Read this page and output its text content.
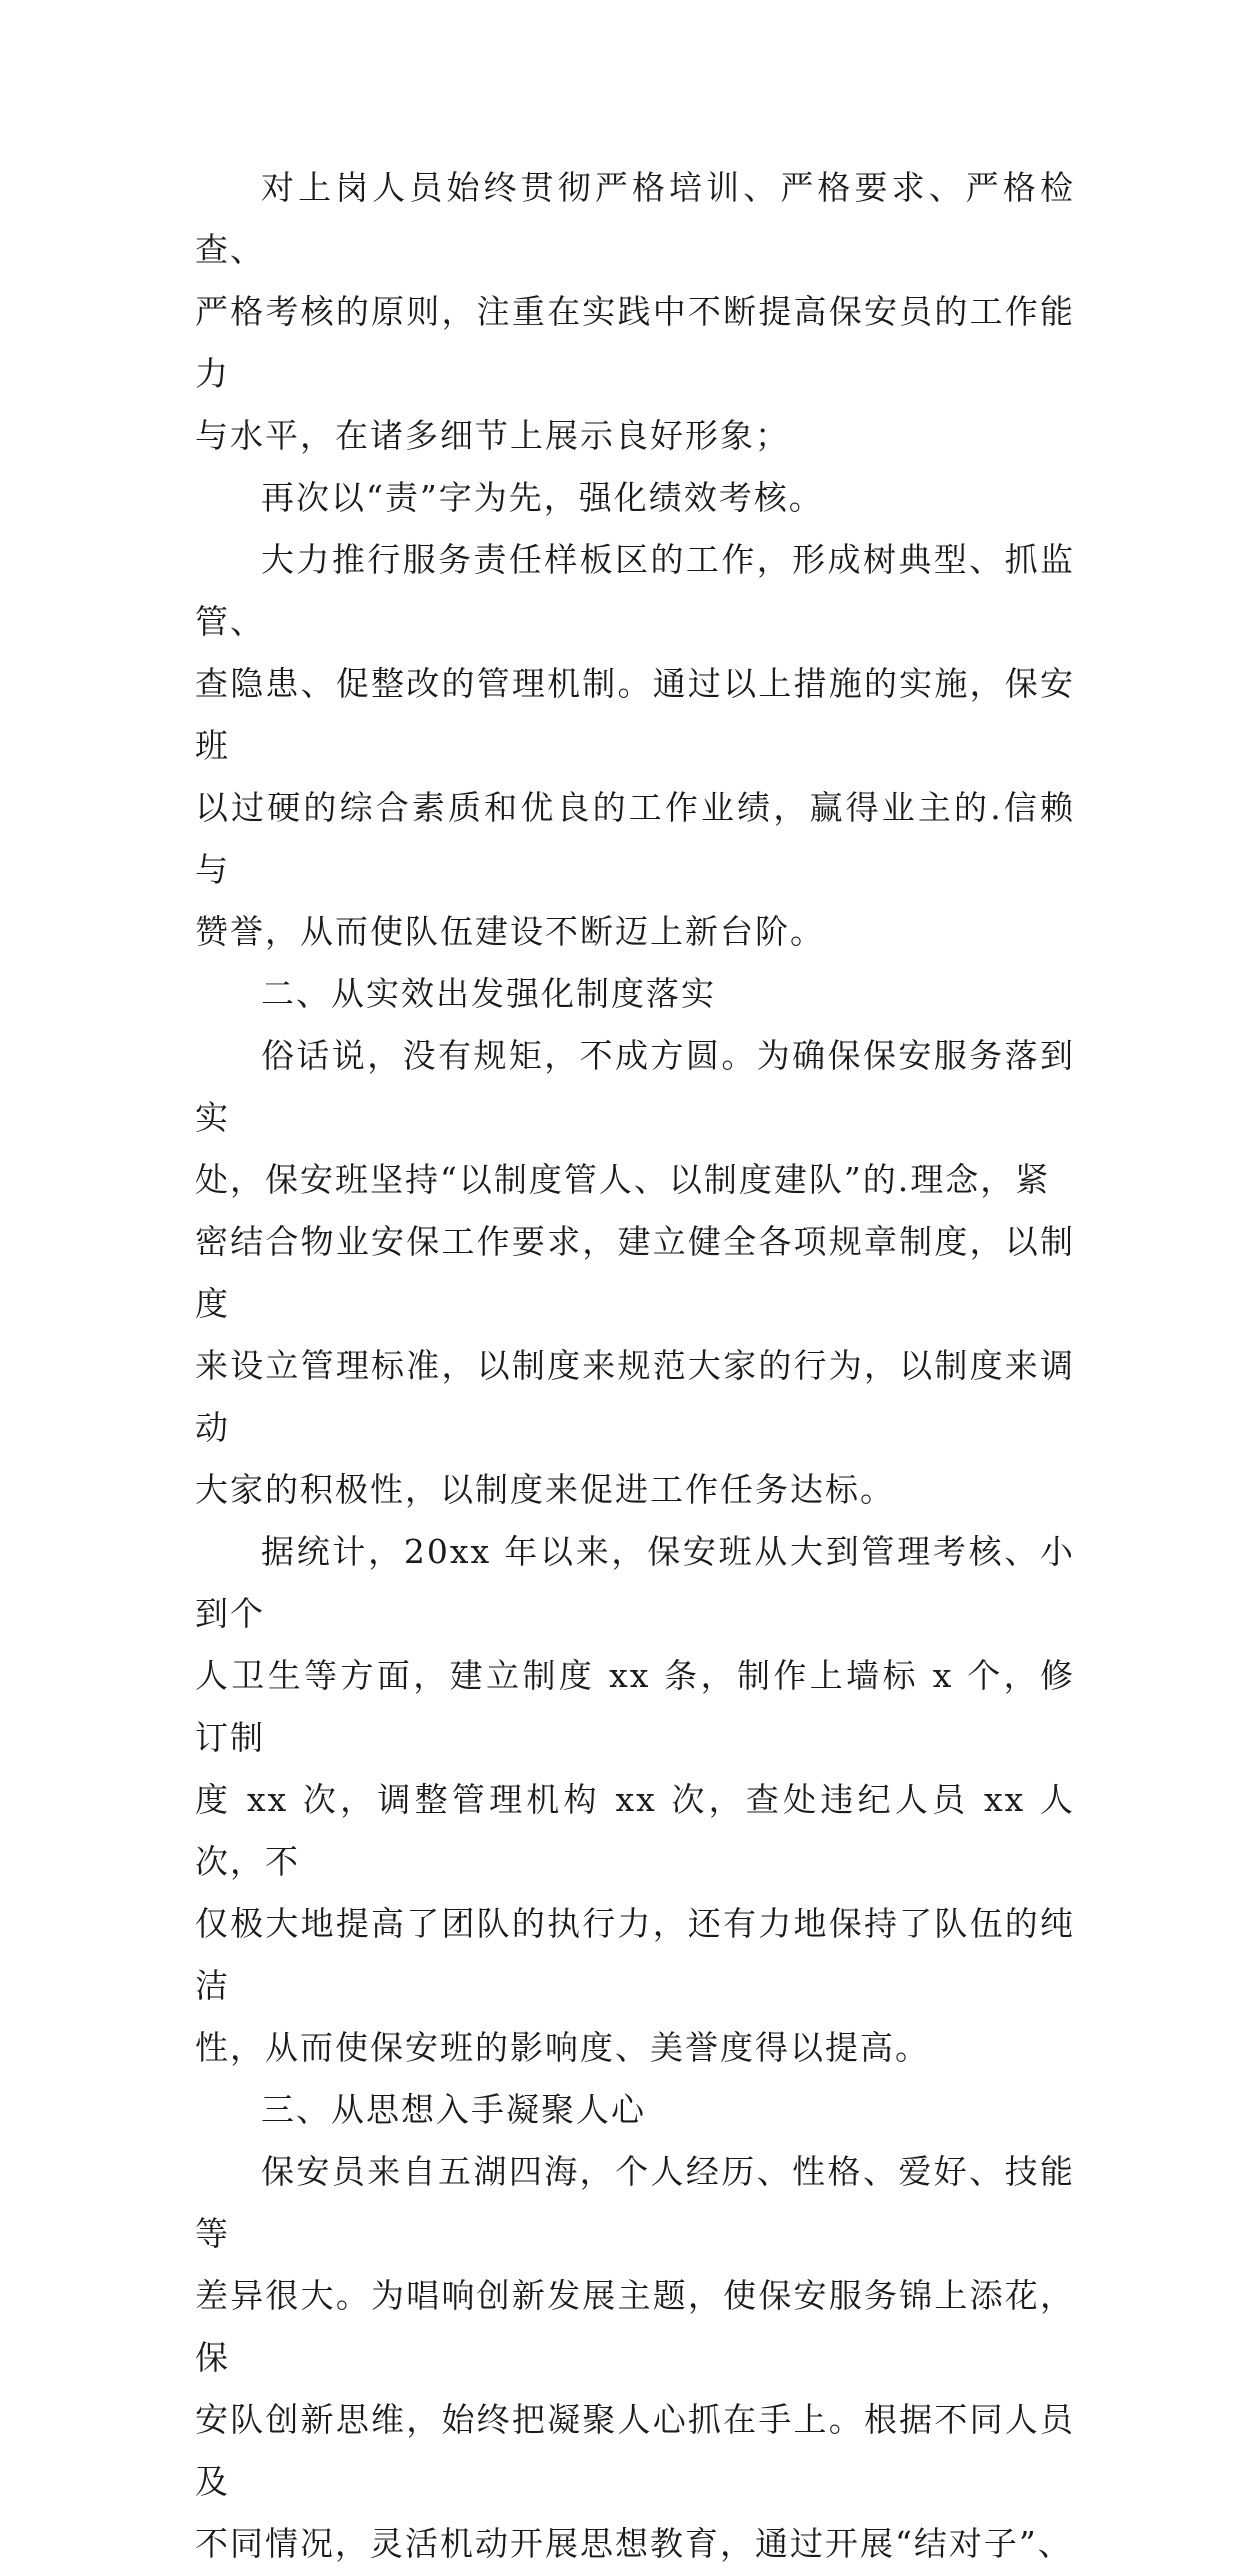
对上岗人员始终贯彻严格培训、严格要求、严格检查、
严格考核的原则，注重在实践中不断提高保安员的工作能力
与水平，在诸多细节上展示良好形象；

再次以“责”字为先，强化绩效考核。

大力推行服务责任样板区的工作，形成树典型、抓监管、
查隐患、促整改的管理机制。通过以上措施的实施，保安班
以过硬的综合素质和优良的工作业绩，赢得业主的.信赖与
赞誉，从而使队伍建设不断迈上新台阶。

二、从实效出发强化制度落实

俗话说，没有规矩，不成方圆。为确保保安服务落到实
处，保安班坚持“以制度管人、以制度建队”的.理念，紧
密结合物业安保工作要求，建立健全各项规章制度，以制度
来设立管理标准，以制度来规范大家的行为，以制度来调动
大家的积极性，以制度来促进工作任务达标。

据统计，20xx 年以来，保安班从大到管理考核、小到个
人卫生等方面，建立制度 xx 条，制作上墙标 x 个，修订制
度 xx 次，调整管理机构 xx 次，查处违纪人员 xx 人次，不
仅极大地提高了团队的执行力，还有力地保持了队伍的纯洁
性，从而使保安班的影响度、美誉度得以提高。

三、从思想入手凝聚人心

保安员来自五湖四海，个人经历、性格、爱好、技能等
差异很大。为唱响创新发展主题，使保安服务锦上添花，保
安队创新思维，始终把凝聚人心抓在手上。根据不同人员及
不同情况，灵活机动开展思想教育，通过开展“结对子”、
